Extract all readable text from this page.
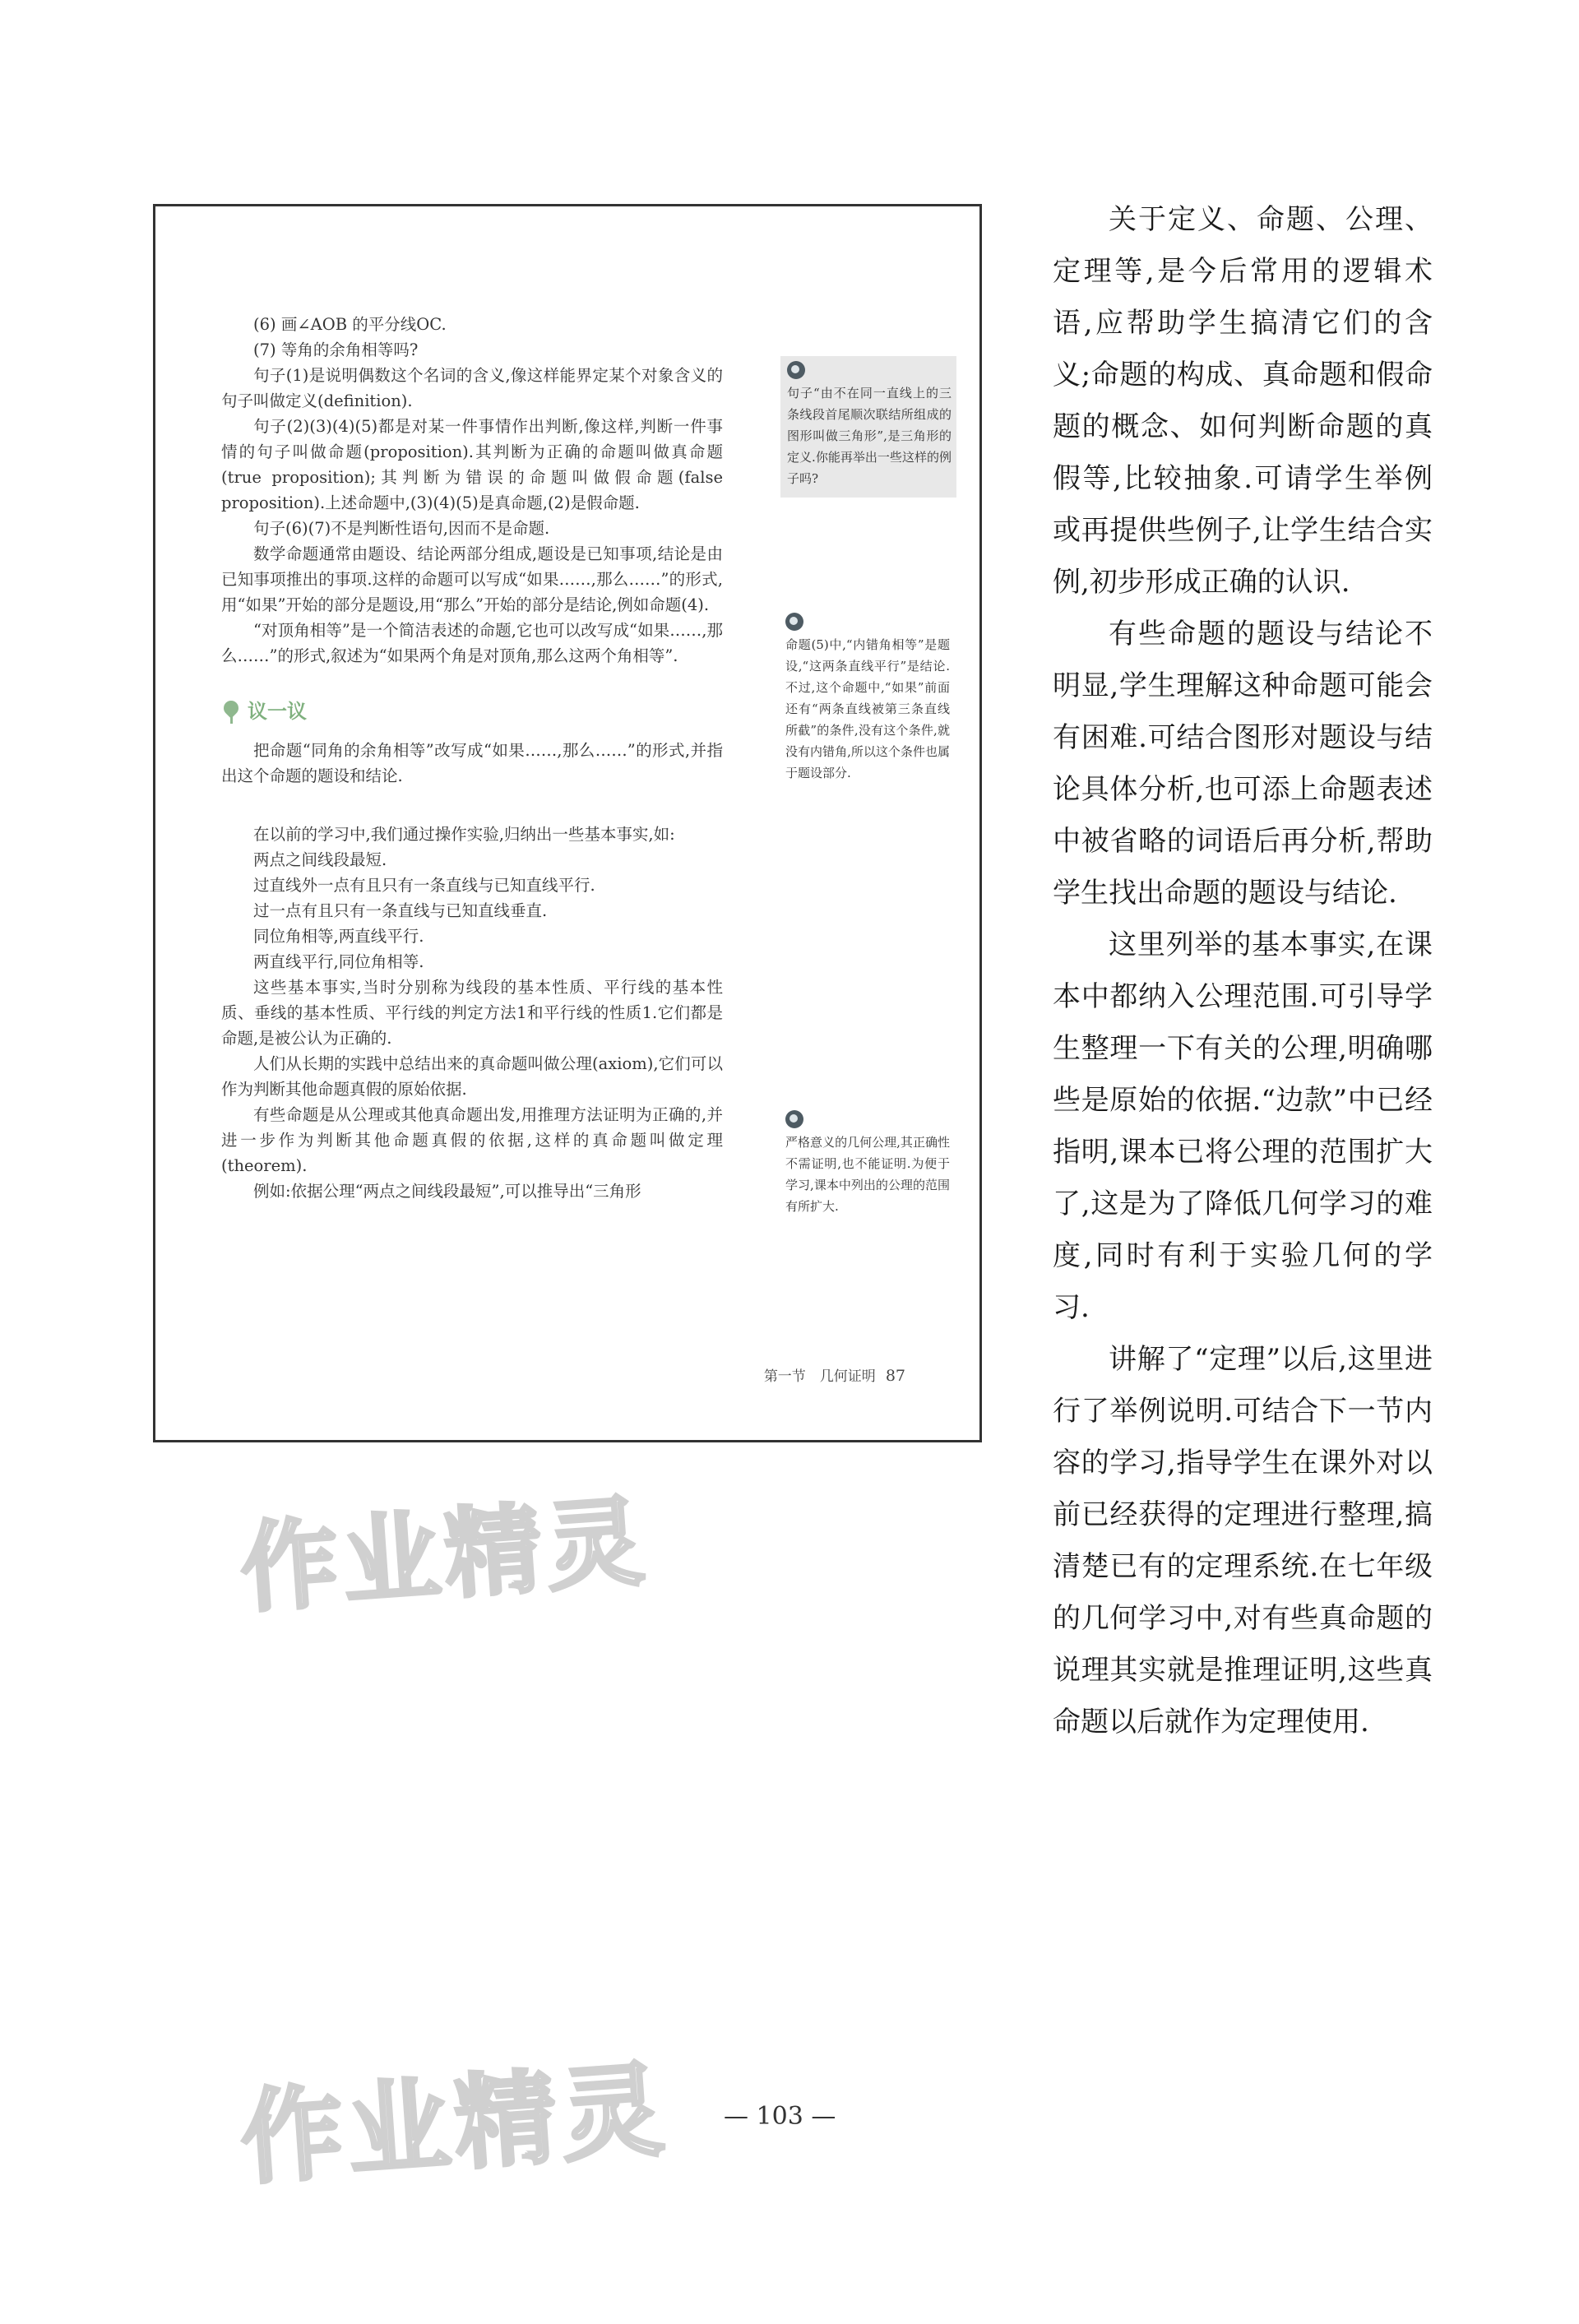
(6) 画∠AOB 的平分线OC.

(7) 等角的余角相等吗?

句子(1)是说明偶数这个名词的含义,像这样能界定某个对象含义的句子叫做定义(definition).

句子(2)(3)(4)(5)都是对某一件事情作出判断,像这样,判断一件事情的句子叫做命题(proposition).其判断为正确的命题叫做真命题(true proposition);其判断为错误的命题叫做假命题(false proposition).上述命题中,(3)(4)(5)是真命题,(2)是假命题.

句子(6)(7)不是判断性语句,因而不是命题.

数学命题通常由题设、结论两部分组成,题设是已知事项,结论是由已知事项推出的事项.这样的命题可以写成“如果……,那么……”的形式,用“如果”开始的部分是题设,用“那么”开始的部分是结论,例如命题(4).

“对顶角相等”是一个简洁表述的命题,它也可以改写成“如果……,那么……”的形式,叙述为“如果两个角是对顶角,那么这两个角相等”.

议一议

把命题“同角的余角相等”改写成“如果……,那么……”的形式,并指出这个命题的题设和结论.

在以前的学习中,我们通过操作实验,归纳出一些基本事实,如:

两点之间线段最短.

过直线外一点有且只有一条直线与已知直线平行.

过一点有且只有一条直线与已知直线垂直.

同位角相等,两直线平行.

两直线平行,同位角相等.

这些基本事实,当时分别称为线段的基本性质、平行线的基本性质、垂线的基本性质、平行线的判定方法1和平行线的性质1.它们都是命题,是被公认为正确的.

人们从长期的实践中总结出来的真命题叫做公理(axiom),它们可以作为判断其他命题真假的原始依据.

有些命题是从公理或其他真命题出发,用推理方法证明为正确的,并进一步作为判断其他命题真假的依据,这样的真命题叫做定理(theorem).

例如:依据公理“两点之间线段最短”,可以推导出“三角形

句子“由不在同一直线上的三条线段首尾顺次联结所组成的图形叫做三角形”,是三角形的定义.你能再举出一些这样的例子吗?
命题(5)中,“内错角相等”是题设,“这两条直线平行”是结论.不过,这个命题中,“如果”前面还有“两条直线被第三条直线所截”的条件,没有这个条件,就没有内错角,所以这个条件也属于题设部分.
严格意义的几何公理,其正确性不需证明,也不能证明.为便于学习,课本中列出的公理的范围有所扩大.
第一节　几何证明 87

关于定义、命题、公理、定理等,是今后常用的逻辑术语,应帮助学生搞清它们的含义;命题的构成、真命题和假命题的概念、如何判断命题的真假等,比较抽象.可请学生举例或再提供些例子,让学生结合实例,初步形成正确的认识.

有些命题的题设与结论不明显,学生理解这种命题可能会有困难.可结合图形对题设与结论具体分析,也可添上命题表述中被省略的词语后再分析,帮助学生找出命题的题设与结论.

这里列举的基本事实,在课本中都纳入公理范围.可引导学生整理一下有关的公理,明确哪些是原始的依据.“边款”中已经指明,课本已将公理的范围扩大了,这是为了降低几何学习的难度,同时有利于实验几何的学习.

讲解了“定理”以后,这里进行了举例说明.可结合下一节内容的学习,指导学生在课外对以前已经获得的定理进行整理,搞清楚已有的定理系统.在七年级的几何学习中,对有些真命题的说理其实就是推理证明,这些真命题以后就作为定理使用.

作业精灵
作业精灵 — 103 —
